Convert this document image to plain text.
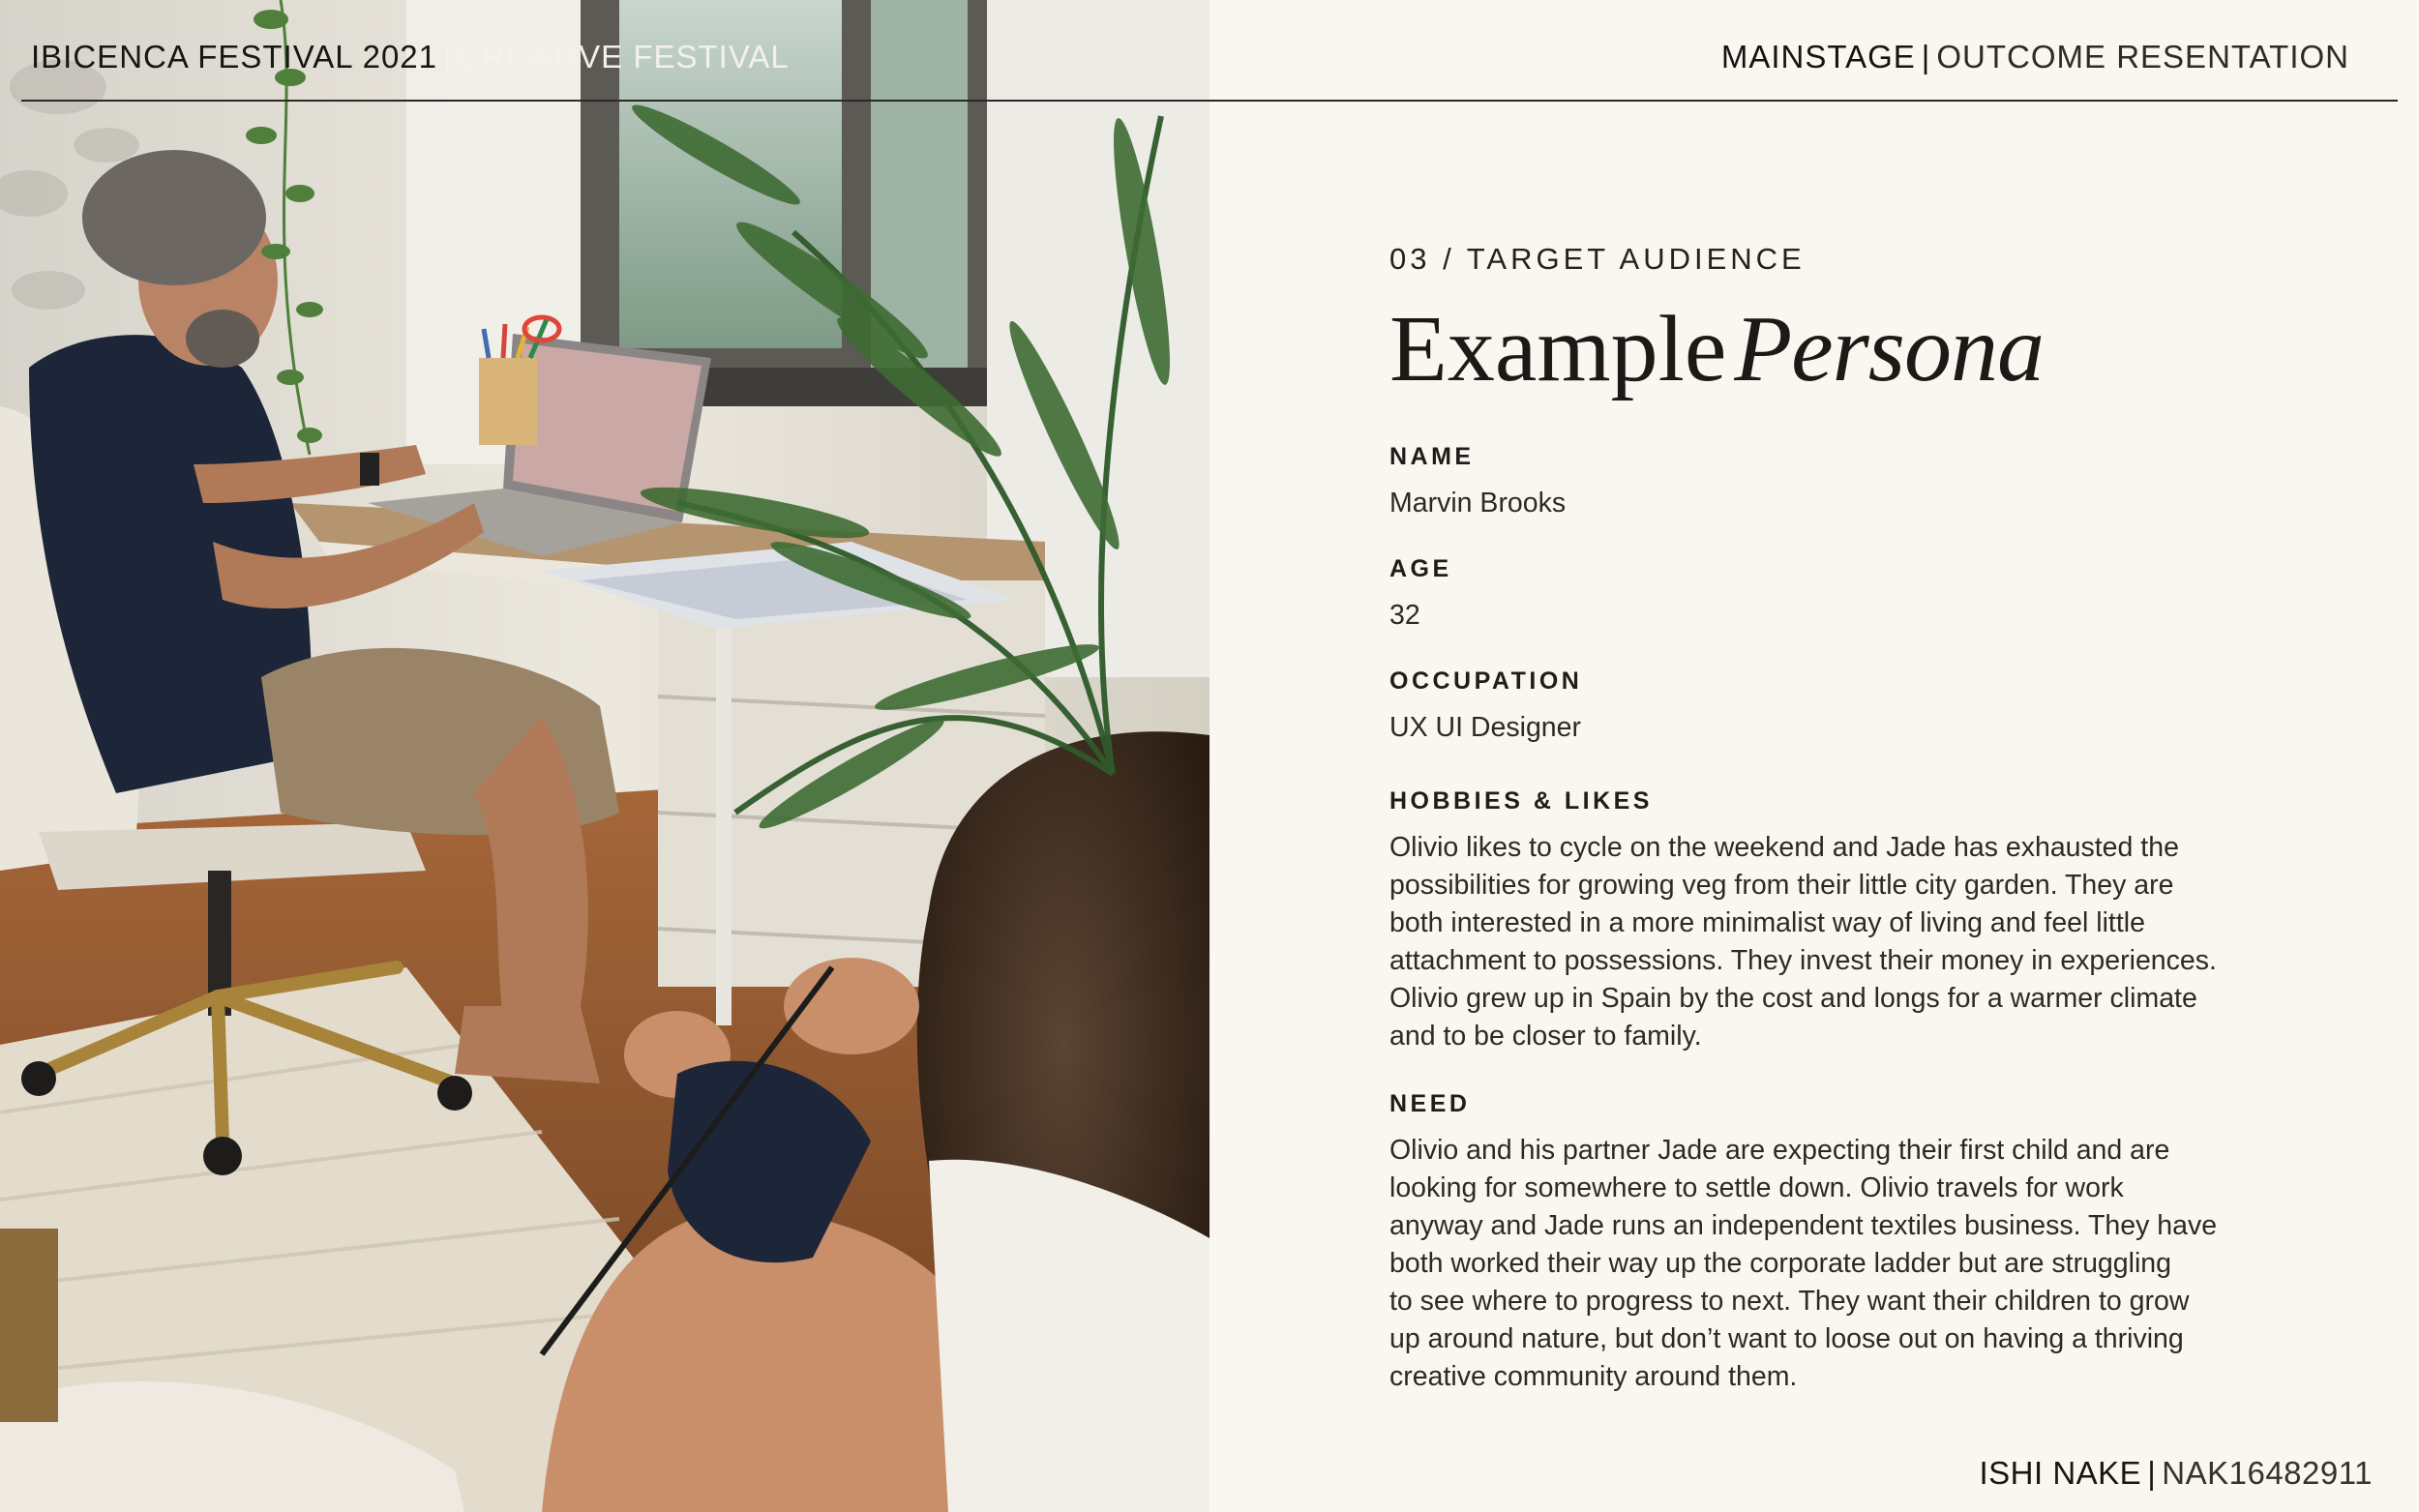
IBICENCA FESTIVAL 2021 | CREATIVE FESTIVAL	MAINSTAGE | OUTCOME RESENTATION
03 / TARGET AUDIENCE
ExamplePersona
NAME
Marvin Brooks
AGE
32
OCCUPATION
UX UI Designer
HOBBIES & LIKES
Olivio likes to cycle on the weekend and Jade has exhausted the
possibilities for growing veg from their little city garden. They are
both interested in a more minimalist way of living and feel little
attachment to possessions. They invest their money in experiences.
Olivio grew up in Spain by the cost and longs for a warmer climate
and to be closer to family.
NEED
Olivio and his partner Jade are expecting their first child and are
looking for somewhere to settle down. Olivio travels for work
anyway and Jade runs an independent textiles business. They have
both worked their way up the corporate ladder but are struggling
to see where to progress to next. They want their children to grow
up around nature, but don’t want to loose out on having a thriving
creative community around them.
ISHI NAKE | NAK16482911
